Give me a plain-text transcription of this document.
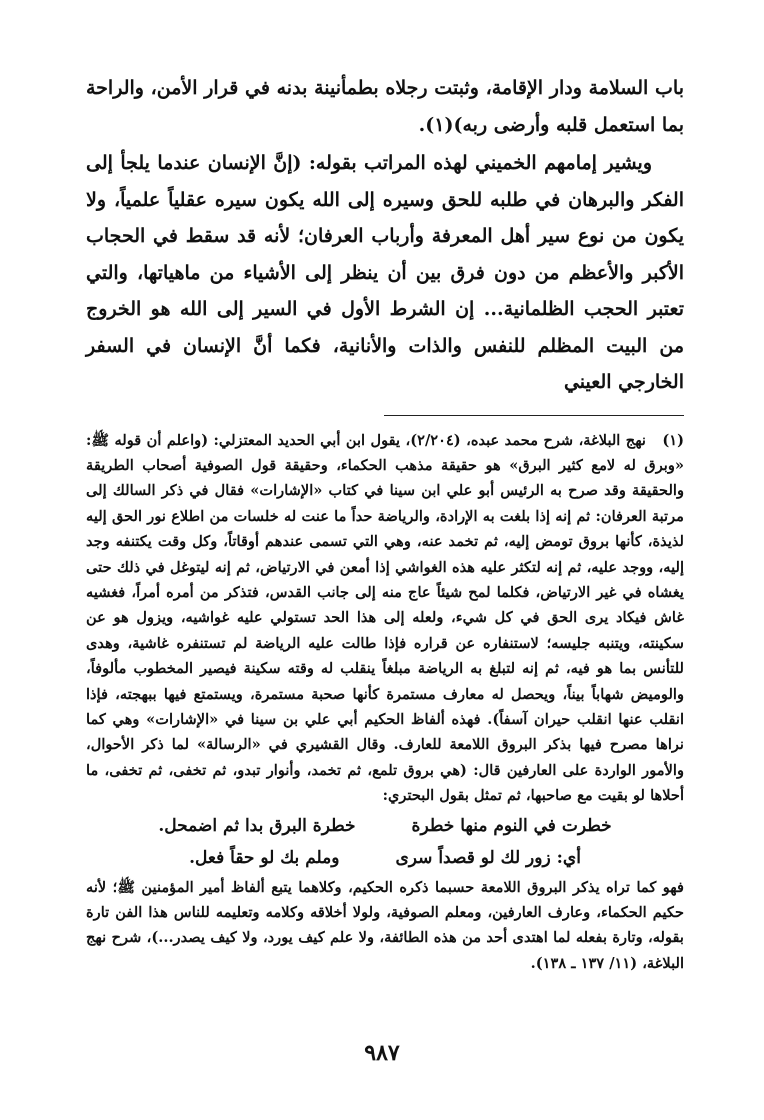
باب السلامة ودار الإقامة، وثبتت رجلاه بطمأنينة بدنه في قرار الأمن، والراحة بما استعمل قلبه وأرضى ربه)(١).

ويشير إمامهم الخميني لهذه المراتب بقوله: (إنَّ الإنسان عندما يلجأ إلى الفكر والبرهان في طلبه للحق وسيره إلى الله يكون سيره عقلياً علمياً، ولا يكون من نوع سير أهل المعرفة وأرباب العرفان؛ لأنه قد سقط في الحجاب الأكبر والأعظم من دون فرق بين أن ينظر إلى الأشياء من ماهياتها، والتي تعتبر الحجب الظلمانية... إن الشرط الأول في السير إلى الله هو الخروج من البيت المظلم للنفس والذات والأنانية، فكما أنَّ الإنسان في السفر الخارجي العيني

(١)نهج البلاغة، شرح محمد عبده، (٢/٢٠٤)، يقول ابن أبي الحديد المعتزلي: (واعلم أن قوله ﷺ: «وبرق له لامع كثير البرق» هو حقيقة مذهب الحكماء، وحقيقة قول الصوفية أصحاب الطريقة والحقيقة وقد صرح به الرئيس أبو علي ابن سينا في كتاب «الإشارات» فقال في ذكر السالك إلى مرتبة العرفان: ثم إنه إذا بلغت به الإرادة، والرياضة حداً ما عنت له خلسات من اطلاع نور الحق إليه لذيذة، كأنها بروق تومض إليه، ثم تخمد عنه، وهي التي تسمى عندهم أوقاتاً، وكل وقت يكتنفه وجد إليه، ووجد عليه، ثم إنه لتكثر عليه هذه الغواشي إذا أمعن في الارتياض، ثم إنه ليتوغل في ذلك حتى يغشاه في غير الارتياض، فكلما لمح شيئاً عاج منه إلى جانب القدس، فتذكر من أمره أمراً، فغشيه غاش فيكاد يرى الحق في كل شيء، ولعله إلى هذا الحد تستولي عليه غواشيه، ويزول هو عن سكينته، ويتنبه جليسه؛ لاستنفاره عن قراره فإذا طالت عليه الرياضة لم تستنفره غاشية، وهدى للتأنس بما هو فيه، ثم إنه لتبلغ به الرياضة مبلغاً ينقلب له وقته سكينة فيصير المخطوب مألوفاً، والوميض شهاباً بيناً، ويحصل له معارف مستمرة كأنها صحبة مستمرة، ويستمتع فيها ببهجته، فإذا انقلب عنها انقلب حيران آسفاً). فهذه ألفاظ الحكيم أبي علي بن سينا في «الإشارات» وهي كما نراها مصرح فيها بذكر البروق اللامعة للعارف. وقال القشيري في «الرسالة» لما ذكر الأحوال، والأمور الواردة على العارفين قال: (هي بروق تلمع، ثم تخمد، وأنوار تبدو، ثم تخفى، ثم تخفى، ما أحلاها لو بقيت مع صاحبها، ثم تمثل بقول البحتري:

خطرت في النوم منها خطرة
خطرة البرق بدا ثم اضمحل.
أي: زور لك لو قصداً سرى
وملم بك لو حقاً فعل.

فهو كما تراه يذكر البروق اللامعة حسبما ذكره الحكيم، وكلاهما يتبع ألفاظ أمير المؤمنين ﷺ؛ لأنه حكيم الحكماء، وعارف العارفين، ومعلم الصوفية، ولولا أخلاقه وكلامه وتعليمه للناس هذا الفن تارة بقوله، وتارة بفعله لما اهتدى أحد من هذه الطائفة، ولا علم كيف يورد، ولا كيف يصدر...)، شرح نهج البلاغة، (١١/ ١٣٧ ـ ١٣٨).

٩٨٧
